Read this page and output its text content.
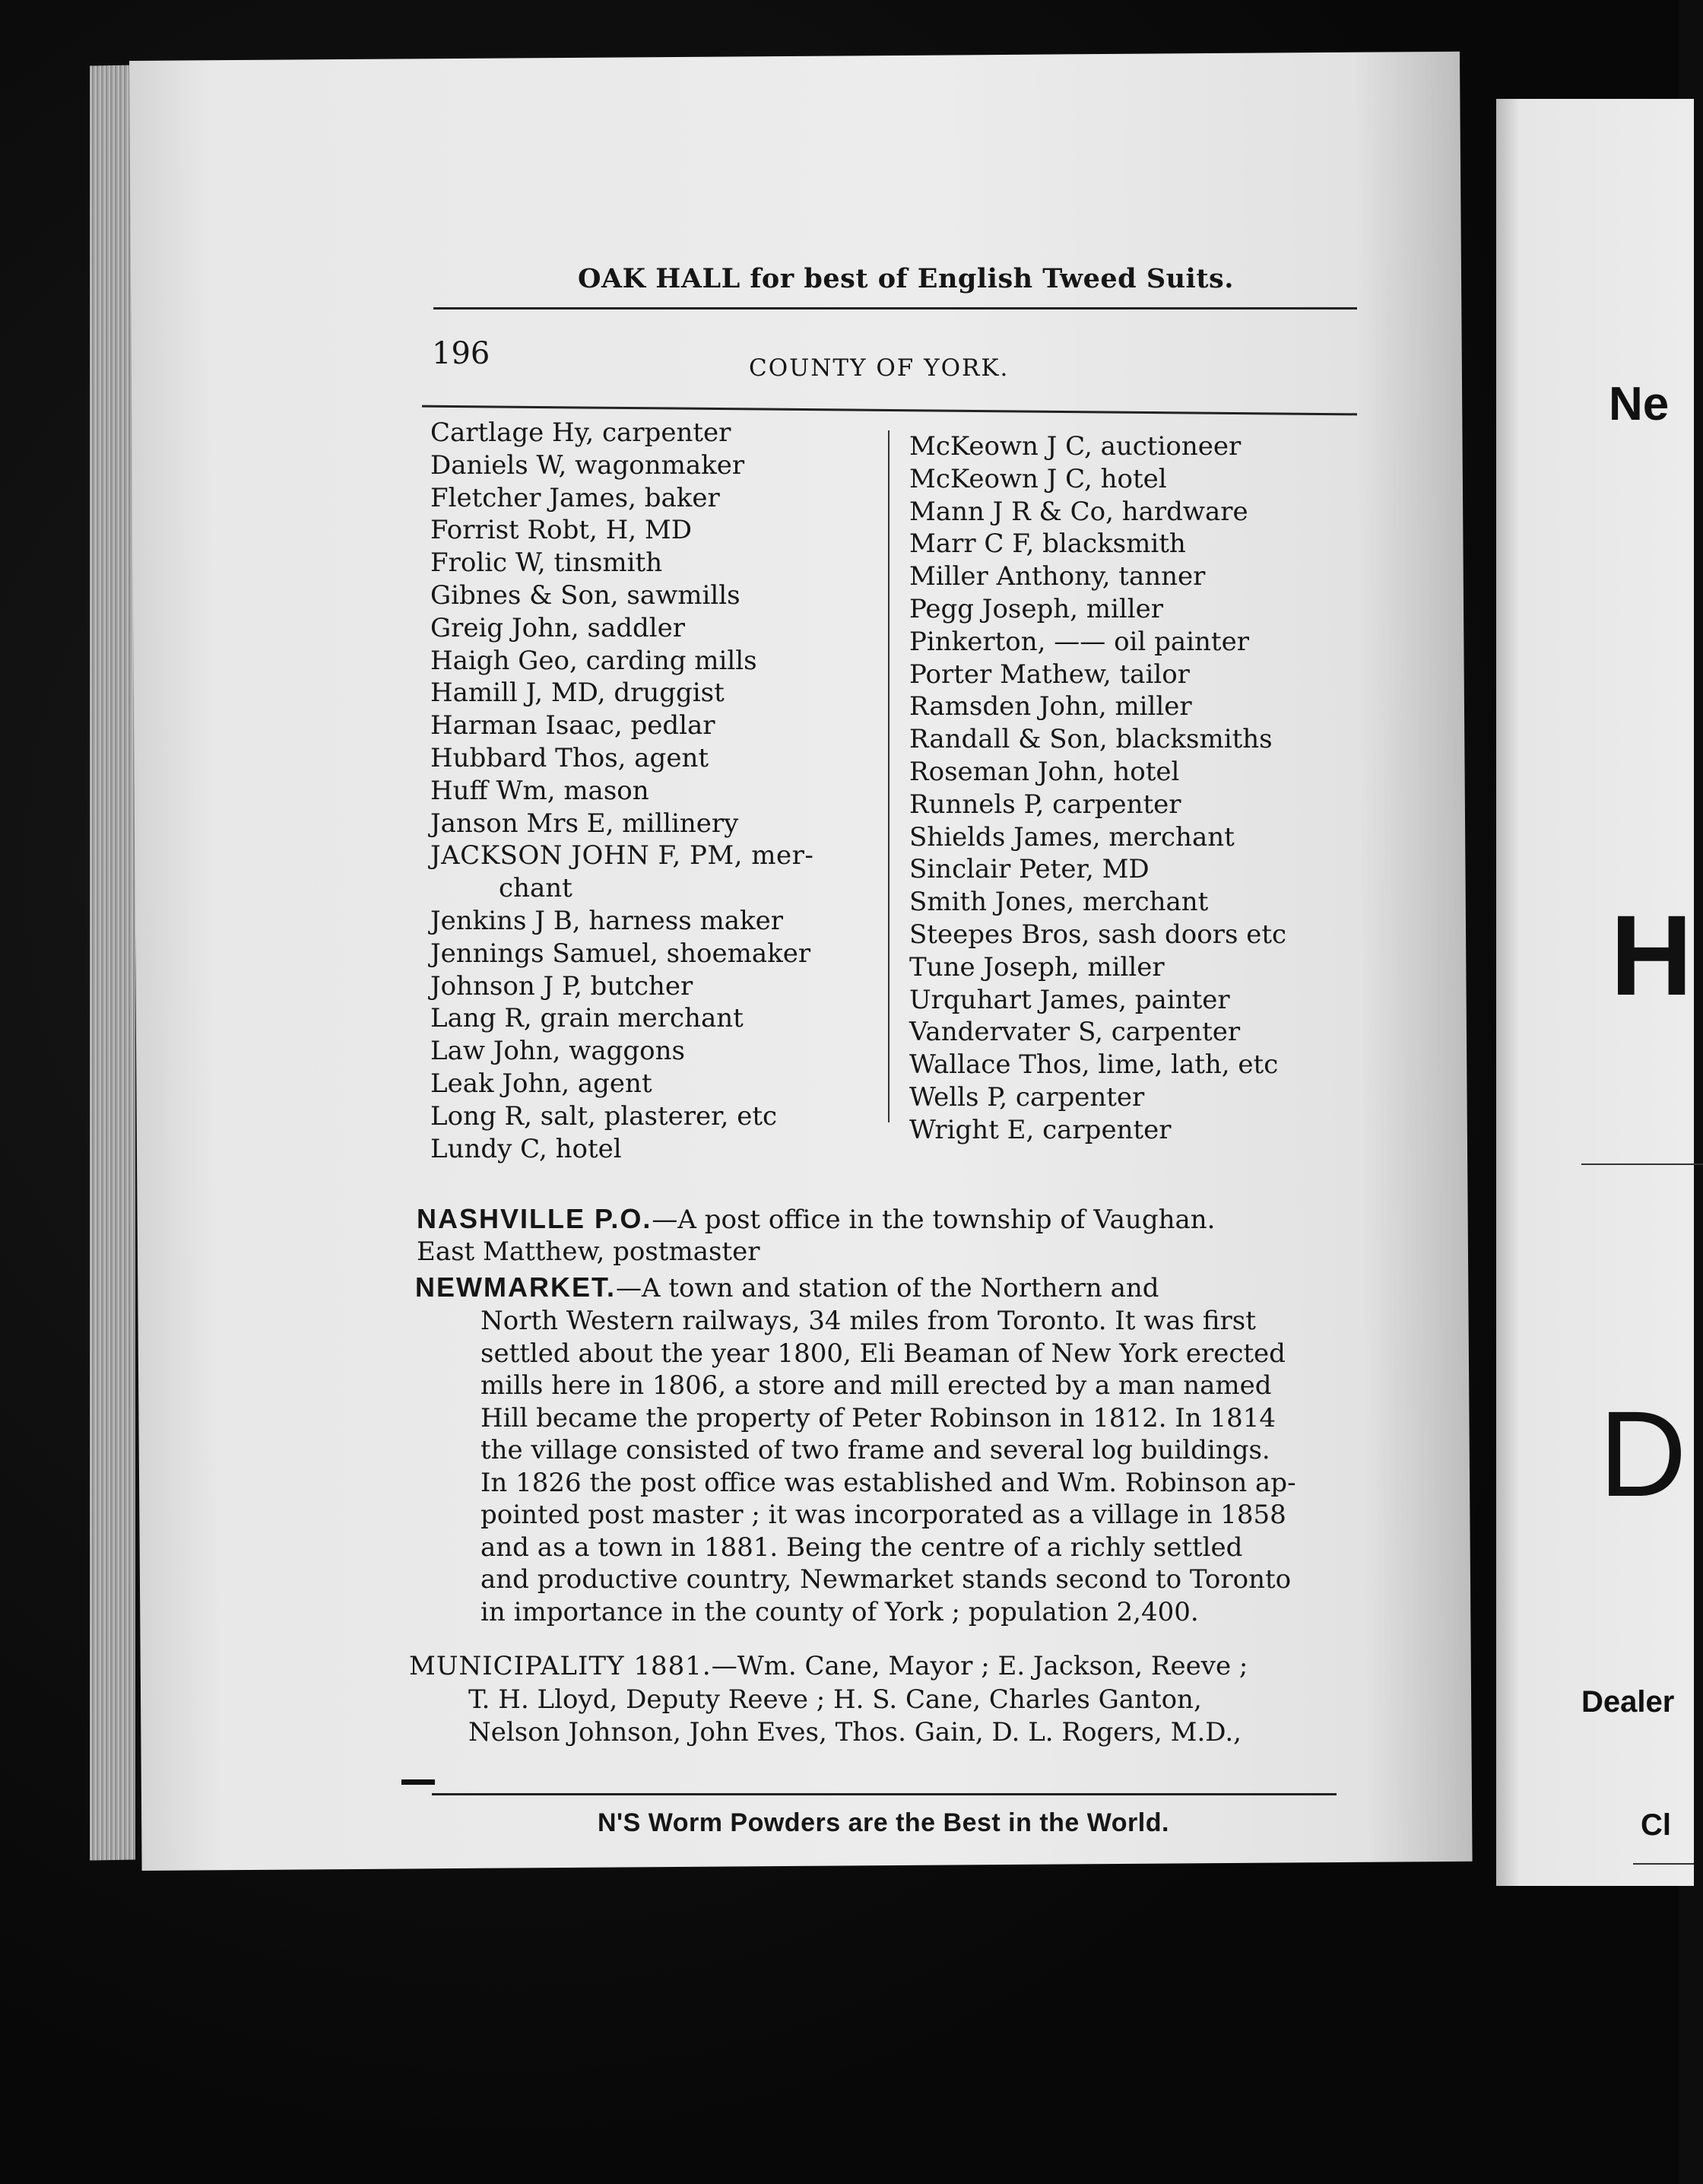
Ne
H
D
Dealer
Cl
OAK HALL for best of English Tweed Suits.
196	COUNTY OF YORK.
Cartlage Hy, carpenter
Daniels W, wagonmaker
Fletcher James, baker
Forrist Robt, H, MD
Frolic W, tinsmith
Gibnes & Son, sawmills
Greig John, saddler
Haigh Geo, carding mills
Hamill J, MD, druggist
Harman Isaac, pedlar
Hubbard Thos, agent
Huff Wm, mason
Janson Mrs E, millinery
JACKSON JOHN F, PM, mer-
chant
Jenkins J B, harness maker
Jennings Samuel, shoemaker
Johnson J P, butcher
Lang R, grain merchant
Law John, waggons
Leak John, agent
Long R, salt, plasterer, etc
Lundy C, hotel
McKeown J C, auctioneer
McKeown J C, hotel
Mann J R & Co, hardware
Marr C F, blacksmith
Miller Anthony, tanner
Pegg Joseph, miller
Pinkerton, —— oil painter
Porter Mathew, tailor
Ramsden John, miller
Randall & Son, blacksmiths
Roseman John, hotel
Runnels P, carpenter
Shields James, merchant
Sinclair Peter, MD
Smith Jones, merchant
Steepes Bros, sash doors etc
Tune Joseph, miller
Urquhart James, painter
Vandervater S, carpenter
Wallace Thos, lime, lath, etc
Wells P, carpenter
Wright E, carpenter
NASHVILLE P.O.—A post office in the township of Vaughan.
East Matthew, postmaster
NEWMARKET.—A town and station of the Northern and
North Western railways, 34 miles from Toronto. It was first
settled about the year 1800, Eli Beaman of New York erected
mills here in 1806, a store and mill erected by a man named
Hill became the property of Peter Robinson in 1812. In 1814
the village consisted of two frame and several log buildings.
In 1826 the post office was established and Wm. Robinson ap-
pointed post master ; it was incorporated as a village in 1858
and as a town in 1881. Being the centre of a richly settled
and productive country, Newmarket stands second to Toronto
in importance in the county of York ; population 2,400.
MUNICIPALITY 1881.—Wm. Cane, Mayor ; E. Jackson, Reeve ;
T. H. Lloyd, Deputy Reeve ; H. S. Cane, Charles Ganton,
Nelson Johnson, John Eves, Thos. Gain, D. L. Rogers, M.D.,
N'S Worm Powders are the Best in the World.
